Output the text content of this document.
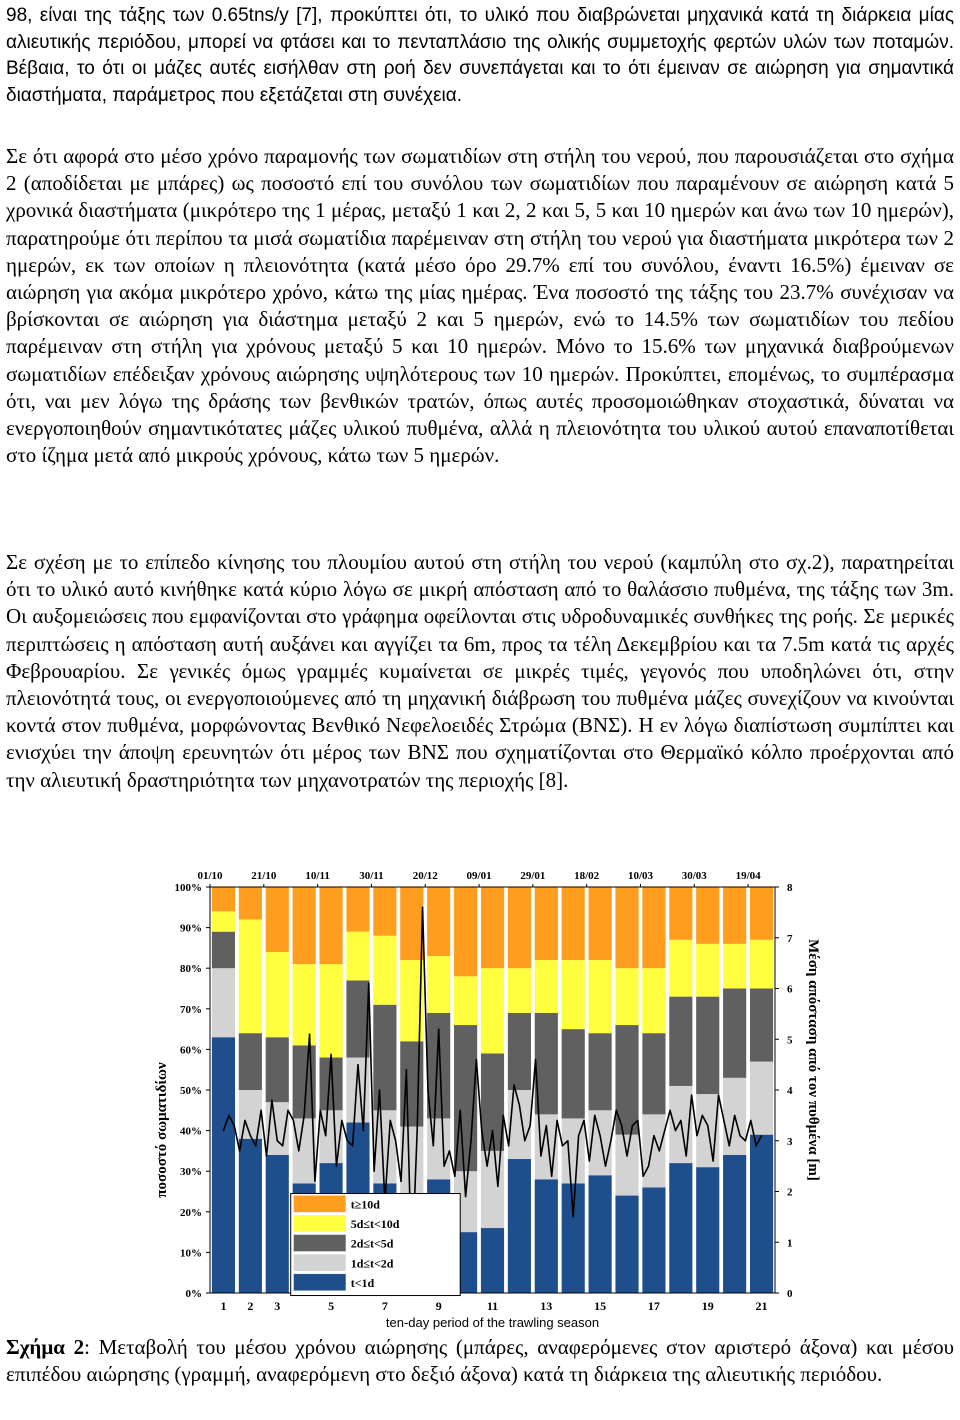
98, είναι της τάξης των 0.65tns/y [7], προκύπτει ότι, το υλικό που διαβρώνεται μηχανικά κατά τη διάρκεια μίας αλιευτικής περιόδου, μπορεί να φτάσει και το πενταπλάσιο της ολικής συμμετοχής φερτών υλών των ποταμών. Βέβαια, το ότι οι μάζες αυτές εισήλθαν στη ροή δεν συνεπάγεται και το ότι έμειναν σε αιώρηση για σημαντικά διαστήματα, παράμετρος που εξετάζεται στη συνέχεια.

Σε ότι αφορά στο μέσο χρόνο παραμονής των σωματιδίων στη στήλη του νερού, που παρουσιάζεται στο σχήμα 2 (αποδίδεται με μπάρες) ως ποσοστό επί του συνόλου των σωματιδίων που παραμένουν σε αιώρηση κατά 5 χρονικά διαστήματα (μικρότερο της 1 μέρας, μεταξύ 1 και 2, 2 και 5, 5 και 10 ημερών και άνω των 10 ημερών), παρατηρούμε ότι περίπου τα μισά σωματίδια παρέμειναν στη στήλη του νερού για διαστήματα μικρότερα των 2 ημερών, εκ των οποίων η πλειονότητα (κατά μέσο όρο 29.7% επί του συνόλου, έναντι 16.5%) έμειναν σε αιώρηση για ακόμα μικρότερο χρόνο, κάτω της μίας ημέρας. Ένα ποσοστό της τάξης του 23.7% συνέχισαν να βρίσκονται σε αιώρηση για διάστημα μεταξύ 2 και 5 ημερών, ενώ το 14.5% των σωματιδίων του πεδίου παρέμειναν στη στήλη για χρόνους μεταξύ 5 και 10 ημερών. Μόνο το 15.6% των μηχανικά διαβρούμενων σωματιδίων επέδειξαν χρόνους αιώρησης υψηλότερους των 10 ημερών. Προκύπτει, επομένως, το συμπέρασμα ότι, ναι μεν λόγω της δράσης των βενθικών τρατών, όπως αυτές προσομοιώθηκαν στοχαστικά, δύναται να ενεργοποιηθούν σημαντικότατες μάζες υλικού πυθμένα, αλλά η πλειονότητα του υλικού αυτού επαναποτίθεται στο ίζημα μετά από μικρούς χρόνους, κάτω των 5 ημερών.

Σε σχέση με το επίπεδο κίνησης του πλουμίου αυτού στη στήλη του νερού (καμπύλη στο σχ.2), παρατηρείται ότι το υλικό αυτό κινήθηκε κατά κύριο λόγω σε μικρή απόσταση από το θαλάσσιο πυθμένα, της τάξης των 3m. Οι αυξομειώσεις που εμφανίζονται στο γράφημα οφείλονται στις υδροδυναμικές συνθήκες της ροής. Σε μερικές περιπτώσεις η απόσταση αυτή αυξάνει και αγγίζει τα 6m, προς τα τέλη Δεκεμβρίου και τα 7.5m κατά τις αρχές Φεβρουαρίου. Σε γενικές όμως γραμμές κυμαίνεται σε μικρές τιμές, γεγονός που υποδηλώνει ότι, στην πλειονότητά τους, οι ενεργοποιούμενες από τη μηχανική διάβρωση του πυθμένα μάζες συνεχίζουν να κινούνται κοντά στον πυθμένα, μορφώνοντας Βενθικό Νεφελοειδές Στρώμα (ΒΝΣ). Η εν λόγω διαπίστωση συμπίπτει και ενισχύει την άποψη ερευνητών ότι μέρος των ΒΝΣ που σχηματίζονται στο Θερμαϊκό κόλπο προέρχονται από την αλιευτική δραστηριότητα των μηχανοτρατών της περιοχής [8].

0%
10%
20%
30%
40%
50%
60%
70%
80%
90%
100%
0
1
2
3
4
5
6
7
8
1 2 3	5	7	9	11	13	15	17	19	21
01/10	21/10	10/11	30/11	20/12	09/01	29/01	18/02	10/03	30/03	19/04
ten-day period of the trawling season
ποσοστό σωματιδίων	Μέση απόσταση από τον πυθμένα [m]
t≥10d
5d≤t<10d
2d≤t<5d
1d≤t<2d
t<1d

Σχήμα 2: Μεταβολή του μέσου χρόνου αιώρησης (μπάρες, αναφερόμενες στον αριστερό άξονα) και μέσου επιπέδου αιώρησης (γραμμή, αναφερόμενη στο δεξιό άξονα) κατά τη διάρκεια της αλιευτικής περιόδου.
